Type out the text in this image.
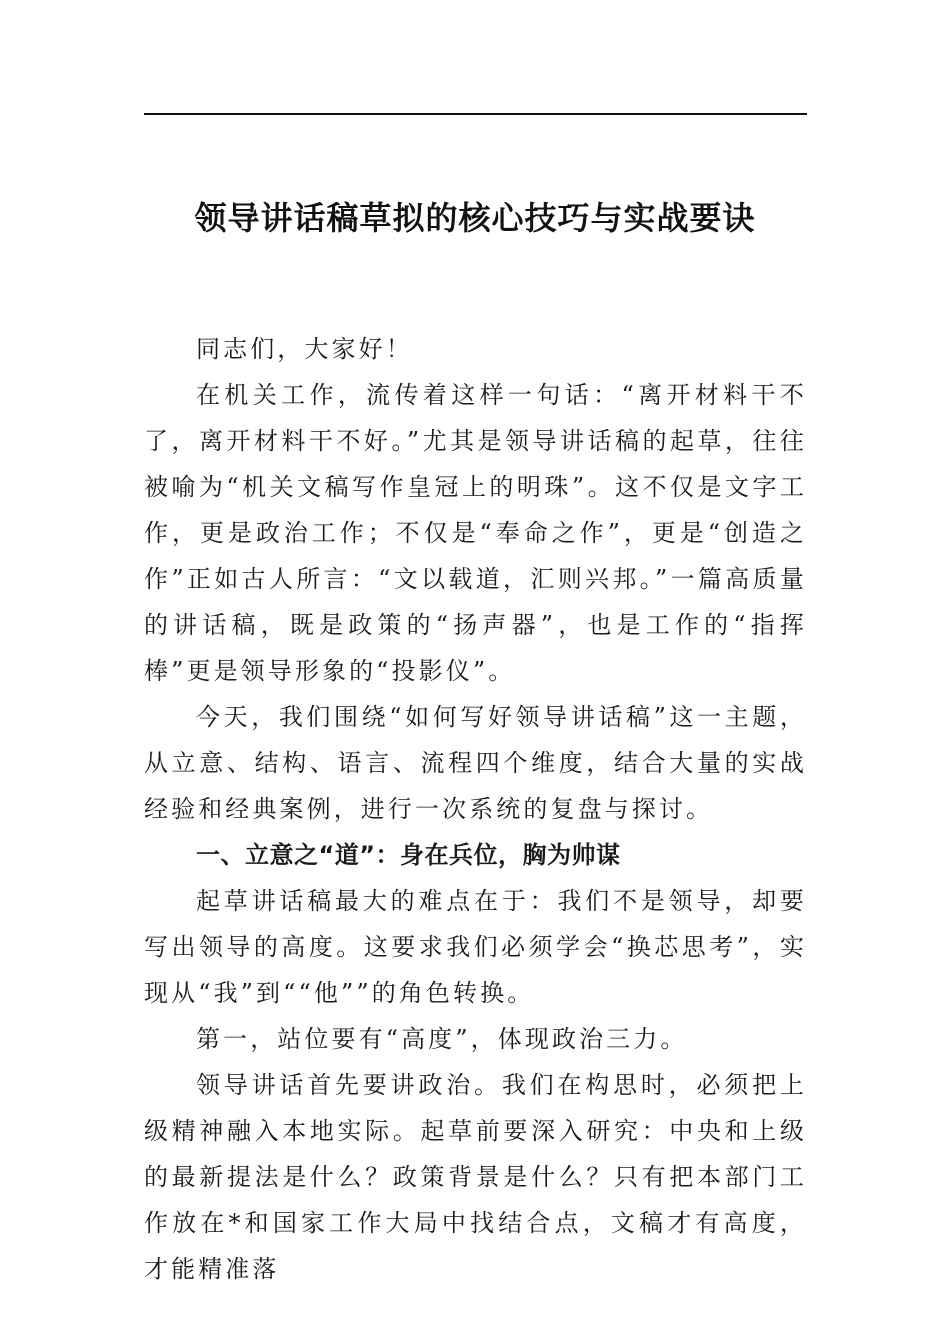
领导讲话稿草拟的核心技巧与实战要诀

同志们，大家好！

在机关工作，流传着这样一句话：“离开材料干不了，离开材料干不好。”尤其是领导讲话稿的起草，往往被喻为“机关文稿写作皇冠上的明珠”。这不仅是文字工作，更是政治工作；不仅是“奉命之作”，更是“创造之作”正如古人所言：“文以载道，汇则兴邦。”一篇高质量的讲话稿，既是政策的“扬声器”，也是工作的“指挥棒”更是领导形象的“投影仪”。

今天，我们围绕“如何写好领导讲话稿”这一主题，从立意、结构、语言、流程四个维度，结合大量的实战经验和经典案例，进行一次系统的复盘与探讨。

一、立意之“道”：身在兵位，胸为帅谋

起草讲话稿最大的难点在于：我们不是领导，却要写出领导的高度。这要求我们必须学会“换芯思考”，实现从“我”到““他””的角色转换。

第一，站位要有“高度”，体现政治三力。

领导讲话首先要讲政治。我们在构思时，必须把上级精神融入本地实际。起草前要深入研究：中央和上级的最新提法是什么？政策背景是什么？只有把本部门工作放在*和国家工作大局中找结合点，文稿才有高度，才能精准落
